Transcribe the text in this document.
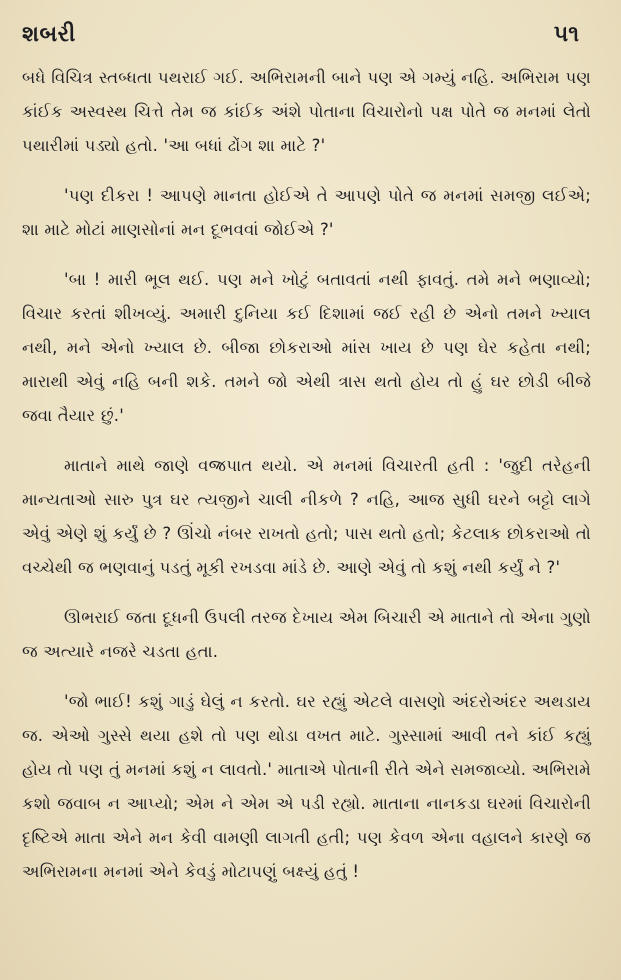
શબરી	૫૧

બધે વિચિત્ર સ્તબ્ધતા પથરાઈ ગઈ. અભિરામની બાને પણ એ ગમ્યું નહિ. અભિરામ પણ કાંઈક અસ્વસ્થ ચિત્તે તેમ જ કાંઈક અંશે પોતાના વિચારોનો પક્ષ પોતે જ મનમાં લેતો પથારીમાં પડ્યો હતો. 'આ બધાં ઢોંગ શા માટે ?'

'પણ દીકરા ! આપણે માનતા હોઈએ તે આપણે પોતે જ મનમાં સમજી લઈએ; શા માટે મોટાં માણસોનાં મન દૂભવવાં જોઈએ ?'

'બા ! મારી ભૂલ થઈ. પણ મને ખોટું બતાવતાં નથી ફાવતું. તમે મને ભણાવ્યો; વિચાર કરતાં શીખવ્યું. અમારી દુનિયા કઈ દિશામાં જઈ રહી છે એનો તમને ખ્યાલ નથી, મને એનો ખ્યાલ છે. બીજા છોકરાઓ માંસ ખાય છે પણ ઘેર કહેતા નથી; મારાથી એવું નહિ બની શકે. તમને જો એથી ત્રાસ થતો હોય તો હું ઘર છોડી બીજે જવા તૈયાર છું.'

માતાને માથે જાણે વજ્રપાત થયો. એ મનમાં વિચારતી હતી : 'જુદી તરેહની માન્યતાઓ સારુ પુત્ર ઘર ત્યજીને ચાલી નીકળે ? નહિ, આજ સુધી ઘરને બટ્ટો લાગે એવું એણે શું કર્યું છે ? ઊંચો નંબર રાખતો હતો; પાસ થતો હતો; કેટલાક છોકરાઓ તો વચ્ચેથી જ ભણવાનું પડતું મૂકી રખડવા માંડે છે. આણે એવું તો કશું નથી કર્યું ને ?'

ઊભરાઈ જતા દૂધની ઉપલી તરજ દેખાય એમ બિચારી એ માતાને તો એના ગુણો જ અત્યારે નજરે ચડતા હતા.

'જો ભાઈ! કશું ગાડું ઘેલું ન કરતો. ઘર રહ્યું એટલે વાસણો અંદરોઅંદર અથડાય જ. એઓ ગુસ્સે થયા હશે તો પણ થોડા વખત માટે. ગુસ્સામાં આવી તને કાંઈ કહ્યું હોય તો પણ તું મનમાં કશું ન લાવતો.' માતાએ પોતાની રીતે એને સમજાવ્યો. અભિરામે કશો જવાબ ન આપ્યો; એમ ને એમ એ પડી રહ્યો. માતાના નાનકડા ઘરમાં વિચારોની દૃષ્ટિએ માતા એને મન કેવી વામણી લાગતી હતી; પણ કેવળ એના વહાલને કારણે જ અભિરામના મનમાં એને કેવડું મોટાપણું બક્ષ્યું હતું !
